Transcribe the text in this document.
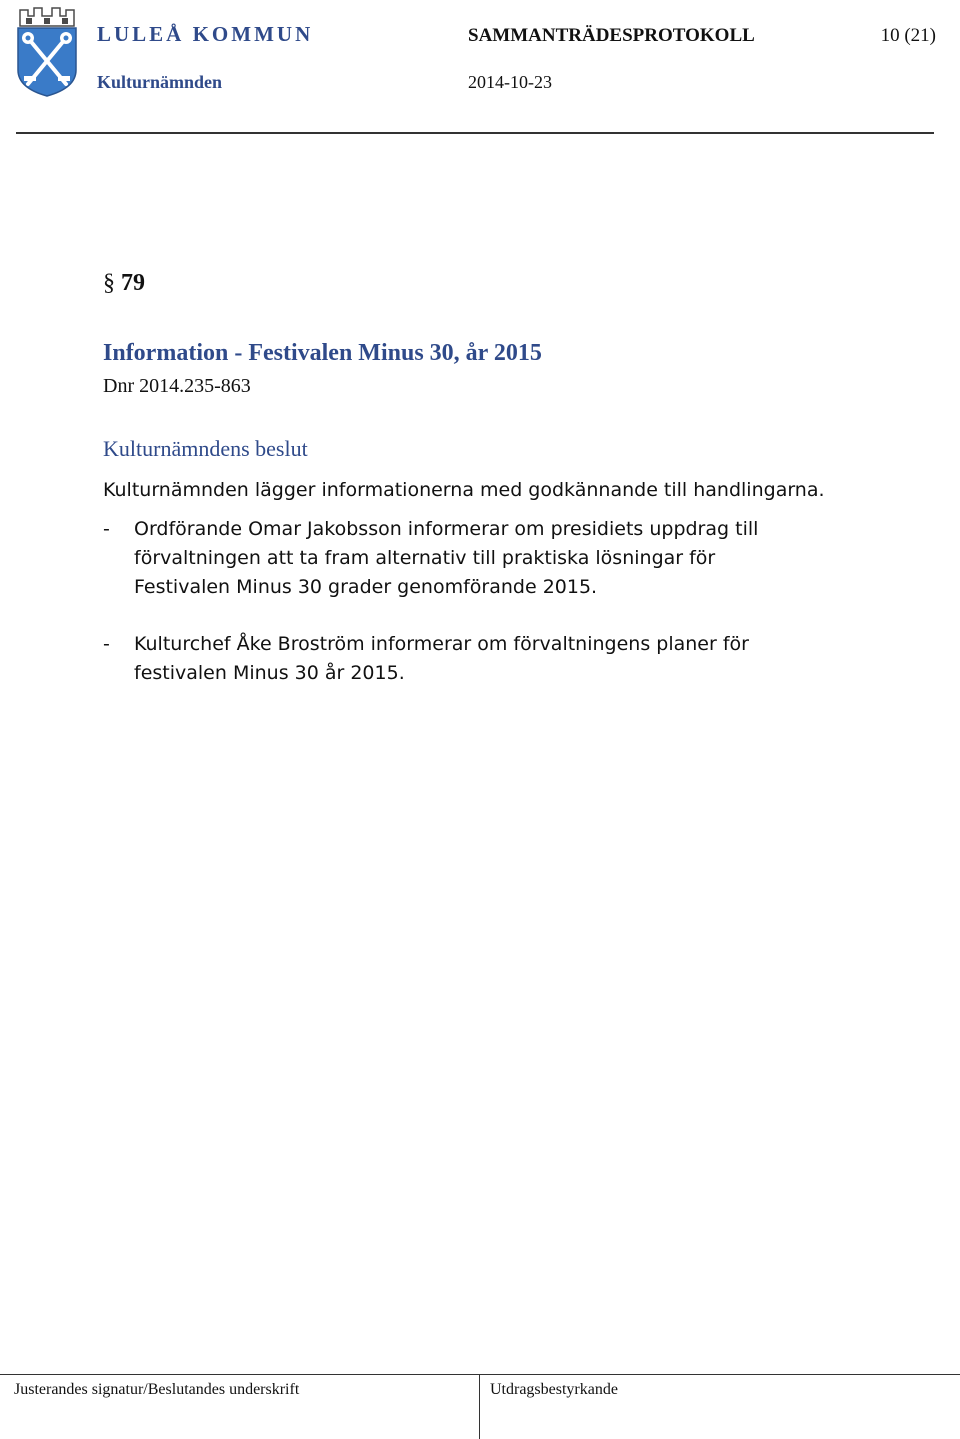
LULEÅ KOMMUN
Kulturnämnden
SAMMANTRÄDESPROTOKOLL	10 (21)
2014-10-23
§ 79
Information - Festivalen Minus 30, år 2015
Dnr 2014.235-863
Kulturnämndens beslut
Kulturnämnden lägger informationerna med godkännande till handlingarna.
- Ordförande Omar Jakobsson informerar om presidiets uppdrag till förvaltningen att ta fram alternativ till praktiska lösningar för Festivalen Minus 30 grader genomförande 2015.
- Kulturchef Åke Broström informerar om förvaltningens planer för festivalen Minus 30 år 2015.
Justerandes signatur/Beslutandes underskrift	Utdragsbestyrkande
